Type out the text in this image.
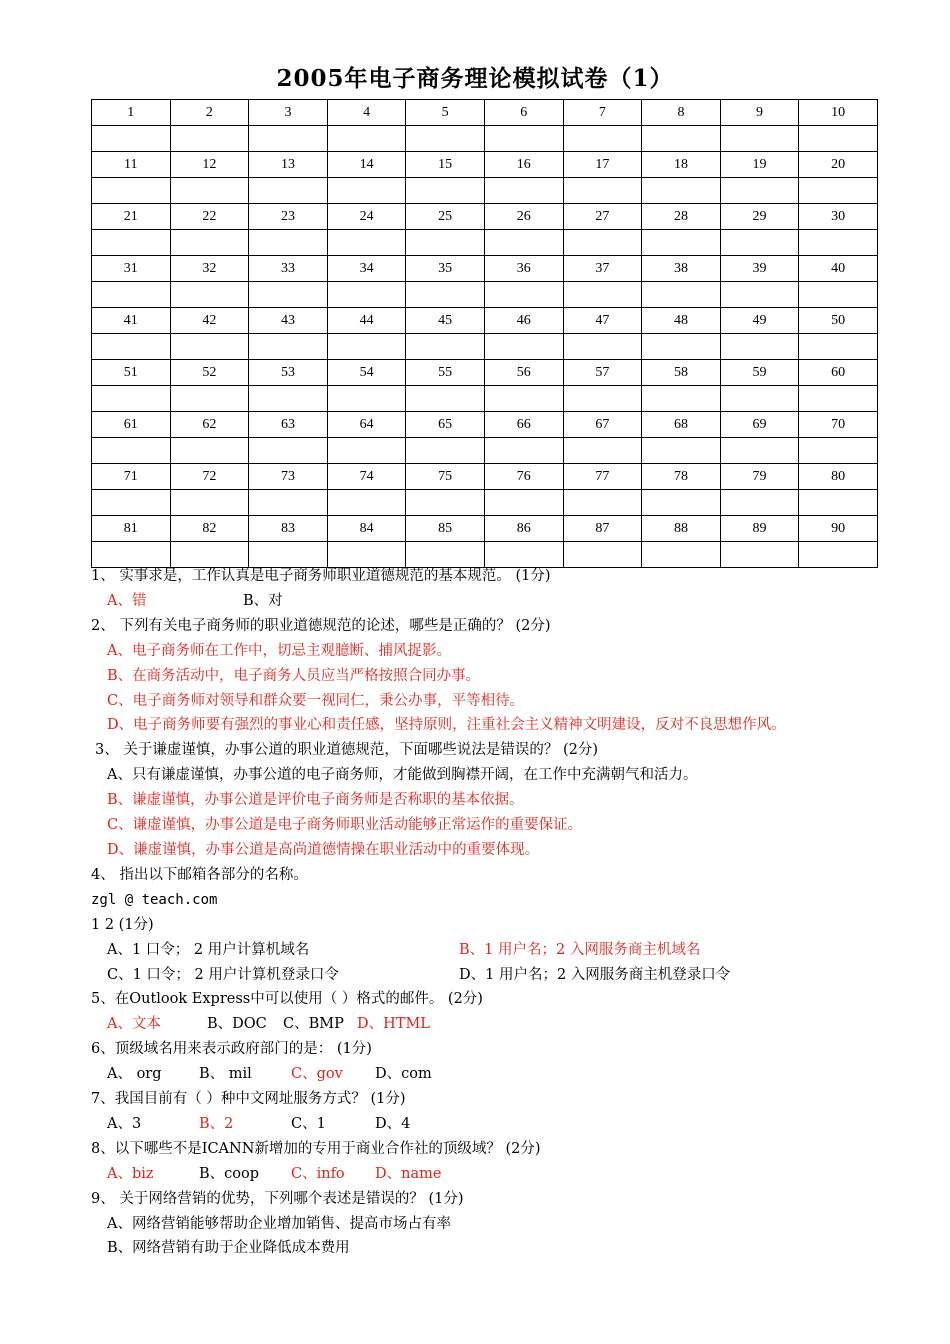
2005年电子商务理论模拟试卷（1）
1	2	3	4	5	6	7	8	9	10

11	12	13	14	15	16	17	18	19	20

21	22	23	24	25	26	27	28	29	30

31	32	33	34	35	36	37	38	39	40

41	42	43	44	45	46	47	48	49	50

51	52	53	54	55	56	57	58	59	60

61	62	63	64	65	66	67	68	69	70

71	72	73	74	75	76	77	78	79	80

81	82	83	84	85	86	87	88	89	90

1、 实事求是，工作认真是电子商务师职业道德规范的基本规范。 (1分)
A、错	B、对
2、 下列有关电子商务师的职业道德规范的论述，哪些是正确的？ (2分)
A、电子商务师在工作中，切忌主观臆断、捕风捉影。
B、在商务活动中，电子商务人员应当严格按照合同办事。
C、电子商务师对领导和群众要一视同仁，秉公办事，平等相待。
D、电子商务师要有强烈的事业心和责任感，坚持原则，注重社会主义精神文明建设，反对不良思想作风。
3、 关于谦虚谨慎，办事公道的职业道德规范，下面哪些说法是错误的？ (2分)
A、只有谦虚谨慎，办事公道的电子商务师，才能做到胸襟开阔，在工作中充满朝气和活力。
B、谦虚谨慎，办事公道是评价电子商务师是否称职的基本依据。
C、谦虚谨慎，办事公道是电子商务师职业活动能够正常运作的重要保证。
D、谦虚谨慎，办事公道是高尚道德情操在职业活动中的重要体现。
4、 指出以下邮箱各部分的名称。
zgl @ teach.com
1 2 (1分)
A、1 口令； 2 用户计算机域名	B、1 用户名；2 入网服务商主机域名
C、1 口令； 2 用户计算机登录口令	D、1 用户名；2 入网服务商主机登录口令
5、在Outlook Express中可以使用（ ）格式的邮件。 (2分)
A、文本	B、DOC C、BMP D、HTML
6、顶级域名用来表示政府部门的是： (1分)
A、 org	B、 mil	C、gov D、com
7、我国目前有（ ）种中文网址服务方式？ (1分)
A、3	B、2	C、1	D、4
8、以下哪些不是ICANN新增加的专用于商业合作社的顶级域？ (2分)
A、biz	B、coop C、info D、name
9、 关于网络营销的优势，下列哪个表述是错误的？ (1分)
A、网络营销能够帮助企业增加销售、提高市场占有率
B、网络营销有助于企业降低成本费用
